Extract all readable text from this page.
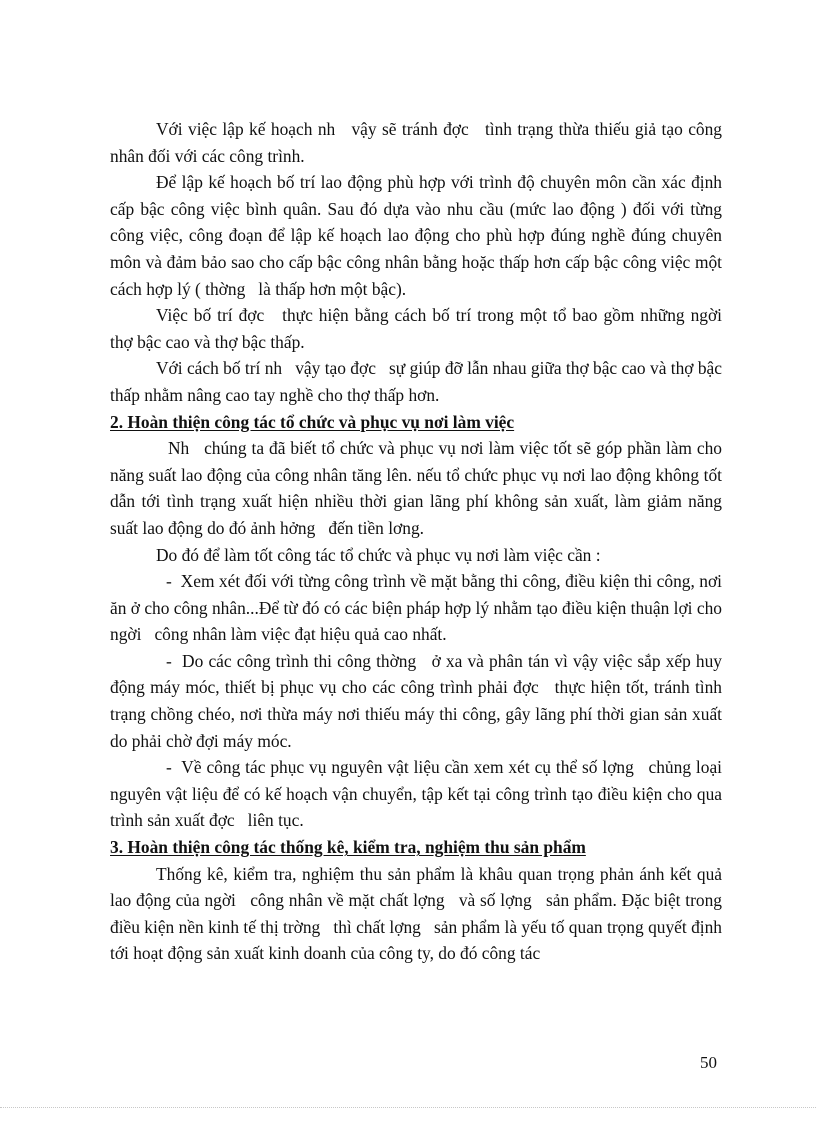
Với việc lập kế hoạch nh   vậy sẽ tránh đợc   tình trạng thừa thiếu giả tạo công nhân đối với các công trình.

Để lập kế hoạch bố trí lao động phù hợp với trình độ chuyên môn cần xác định cấp bậc công việc bình quân. Sau đó dựa vào nhu cầu (mức lao động ) đối với từng công việc, công đoạn để lập kế hoạch lao động cho phù hợp đúng nghề đúng chuyên môn và đảm bảo sao cho cấp bậc công nhân bằng hoặc thấp hơn cấp bậc công việc một cách hợp lý ( thờng   là thấp hơn một bậc).

Việc bố trí đợc   thực hiện bằng cách bố trí trong một tổ bao gồm những ngời   thợ bậc cao và thợ bậc thấp.

Với cách bố trí nh   vậy tạo đợc   sự giúp đỡ lẫn nhau giữa thợ bậc cao và thợ bậc thấp nhằm nâng cao tay nghề cho thợ thấp hơn.

2. Hoàn thiện công tác tổ chức và phục vụ nơi làm việc

Nh   chúng ta đã biết tổ chức và phục vụ nơi làm việc tốt sẽ góp phần làm cho năng suất lao động của công nhân tăng lên. nếu tổ chức phục vụ nơi lao động không tốt dẫn tới tình trạng xuất hiện nhiều thời gian lãng phí không sản xuất, làm giảm năng suất lao động do đó ảnh hởng   đến tiền lơng.

Do đó để làm tốt công tác tổ chức và phục vụ nơi làm việc cần :

-  Xem xét đối với từng công trình về mặt bằng thi công, điều kiện thi công, nơi ăn ở cho công nhân...Để từ đó có các biện pháp hợp lý nhằm tạo điều kiện thuận lợi cho ngời   công nhân làm việc đạt hiệu quả cao nhất.

-  Do các công trình thi công thờng   ở xa và phân tán vì vậy việc sắp xếp huy động máy móc, thiết bị phục vụ cho các công trình phải đợc   thực hiện tốt, tránh tình trạng chồng chéo, nơi thừa máy nơi thiếu máy thi công, gây lãng phí thời gian sản xuất do phải chờ đợi máy móc.

-  Về công tác phục vụ nguyên vật liệu cần xem xét cụ thể số lợng   chủng loại nguyên vật liệu để có kế hoạch vận chuyển, tập kết tại công trình tạo điều kiện cho qua trình sản xuất đợc   liên tục.

3. Hoàn thiện công tác thống kê, kiểm tra, nghiệm thu sản phẩm

Thống kê, kiểm tra, nghiệm thu sản phẩm là khâu quan trọng phản ánh kết quả lao động của ngời   công nhân về mặt chất lợng   và số lợng   sản phẩm. Đặc biệt trong điều kiện nền kinh tế thị trờng   thì chất lợng   sản phẩm là yếu tố quan trọng quyết định tới hoạt động sản xuất kinh doanh của công ty, do đó công tác

50
